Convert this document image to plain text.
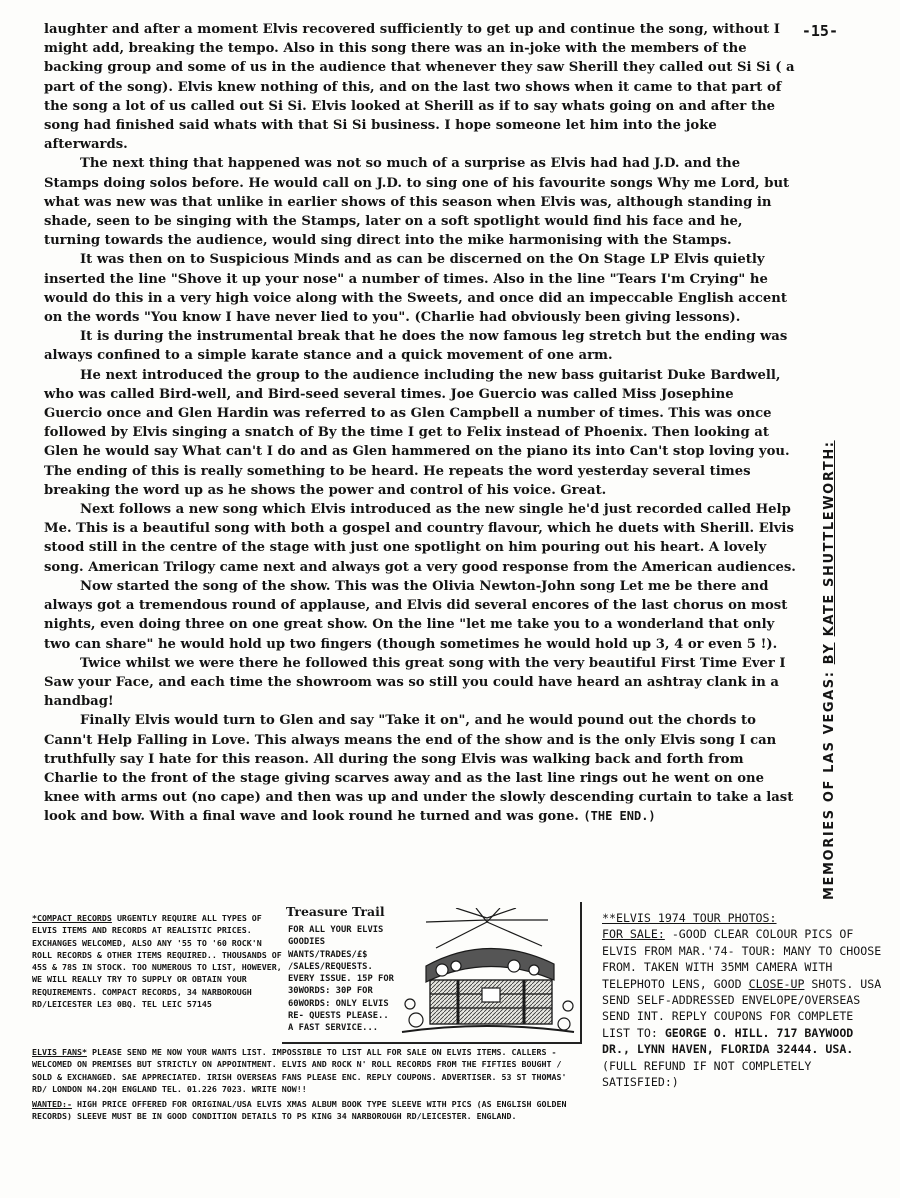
-15-

laughter and after a moment Elvis recovered sufficiently to get up and continue the song, without I might add, breaking the tempo. Also in this song there was an in-joke with the members of the backing group and some of us in the audience that whenever they saw Sherill they called out Si Si ( a part of the song). Elvis knew nothing of this, and on the last two shows when it came to that part of the song a lot of us called out Si Si. Elvis looked at Sherill as if to say whats going on and after the song had finished said whats with that Si Si business. I hope someone let him into the joke afterwards.

The next thing that happened was not so much of a surprise as Elvis had had J.D. and the Stamps doing solos before. He would call on J.D. to sing one of his favourite songs Why me Lord, but what was new was that unlike in earlier shows of this season when Elvis was, although standing in shade, seen to be singing with the Stamps, later on a soft spotlight would find his face and he, turning towards the audience, would sing direct into the mike harmonising with the Stamps.

It was then on to Suspicious Minds and as can be discerned on the On Stage LP Elvis quietly inserted the line "Shove it up your nose" a number of times. Also in the line "Tears I'm Crying" he would do this in a very high voice along with the Sweets, and once did an impeccable English accent on the words "You know I have never lied to you". (Charlie had obviously been giving lessons).

It is during the instrumental break that he does the now famous leg stretch but the ending was always confined to a simple karate stance and a quick movement of one arm.

He next introduced the group to the audience including the new bass guitarist Duke Bardwell, who was called Bird-well, and Bird-seed several times. Joe Guercio was called Miss Josephine Guercio once and Glen Hardin was referred to as Glen Campbell a number of times. This was once followed by Elvis singing a snatch of By the time I get to Felix instead of Phoenix. Then looking at Glen he would say What can't I do and as Glen hammered on the piano its into Can't stop loving you. The ending of this is really something to be heard. He repeats the word yesterday several times breaking the word up as he shows the power and control of his voice. Great.

Next follows a new song which Elvis introduced as the new single he'd just recorded called Help Me. This is a beautiful song with both a gospel and country flavour, which he duets with Sherill. Elvis stood still in the centre of the stage with just one spotlight on him pouring out his heart. A lovely song. American Trilogy came next and always got a very good response from the American audiences.

Now started the song of the show. This was the Olivia Newton-John song Let me be there and always got a tremendous round of applause, and Elvis did several encores of the last chorus on most nights, even doing three on one great show. On the line "let me take you to a wonderland that only two can share" he would hold up two fingers (though sometimes he would hold up 3, 4 or even 5 !).

Twice whilst we were there he followed this great song with the very beautiful First Time Ever I Saw your Face, and each time the showroom was so still you could have heard an ashtray clank in a handbag!

Finally Elvis would turn to Glen and say "Take it on", and he would pound out the chords to Cann't Help Falling in Love. This always means the end of the show and is the only Elvis song I can truthfully say I hate for this reason. All during the song Elvis was walking back and forth from Charlie to the front of the stage giving scarves away and as the last line rings out he went on one knee with arms out (no cape) and then was up and under the slowly descending curtain to take a last look and bow. With a final wave and look round he turned and was gone. (THE END.)	MEMORIES OF LAS VEGAS: BY KATE SHUTTLEWORTH:
*COMPACT RECORDS URGENTLY REQUIRE ALL TYPES OF ELVIS ITEMS AND RECORDS AT REALISTIC PRICES. EXCHANGES WELCOMED, ALSO ANY '55 TO '60 ROCK'N ROLL RECORDS & OTHER ITEMS REQUIRED.. THOUSANDS OF 45S & 78S IN STOCK. TOO NUMEROUS TO LIST, HOWEVER, WE WILL REALLY TRY TO SUPPLY OR OBTAIN YOUR REQUIREMENTS. COMPACT RECORDS, 34 NARBOROUGH RD/LEICESTER LE3 0BQ. TEL LEIC 57145
Treasure Trail
FOR ALL YOUR ELVIS GOODIES WANTS/TRADES/£$ /SALES/REQUESTS. EVERY ISSUE. 15P FOR 30WORDS: 30P FOR 60WORDS: ONLY ELVIS RE- QUESTS PLEASE.. A FAST SERVICE...
ELVIS FANS* PLEASE SEND ME NOW YOUR WANTS LIST. IMPOSSIBLE TO LIST ALL FOR SALE ON ELVIS ITEMS. CALLERS - WELCOMED ON PREMISES BUT STRICTLY ON APPOINTMENT. ELVIS AND ROCK N' ROLL RECORDS FROM THE FIFTIES BOUGHT / SOLD & EXCHANGED. SAE APPRECIATED. IRISH OVERSEAS FANS PLEASE ENC. REPLY COUPONS. ADVERTISER. 53 ST THOMAS' RD/ LONDON N4.2QH ENGLAND TEL. 01.226 7023. WRITE NOW!!
WANTED:- HIGH PRICE OFFERED FOR ORIGINAL/USA ELVIS XMAS ALBUM BOOK TYPE SLEEVE WITH PICS (AS ENGLISH GOLDEN RECORDS) SLEEVE MUST BE IN GOOD CONDITION DETAILS TO PS KING 34 NARBOROUGH RD/LEICESTER. ENGLAND.
**ELVIS 1974 TOUR PHOTOS:
FOR SALE: -GOOD CLEAR COLOUR PICS OF ELVIS FROM MAR.'74- TOUR: MANY TO CHOOSE FROM. TAKEN WITH 35MM CAMERA WITH TELEPHOTO LENS, GOOD CLOSE-UP SHOTS. USA SEND SELF-ADDRESSED ENVELOPE/OVERSEAS SEND INT. REPLY COUPONS FOR COMPLETE LIST TO: GEORGE O. HILL. 717 BAYWOOD DR., LYNN HAVEN, FLORIDA 32444. USA. (FULL REFUND IF NOT COMPLETELY SATISFIED:)
